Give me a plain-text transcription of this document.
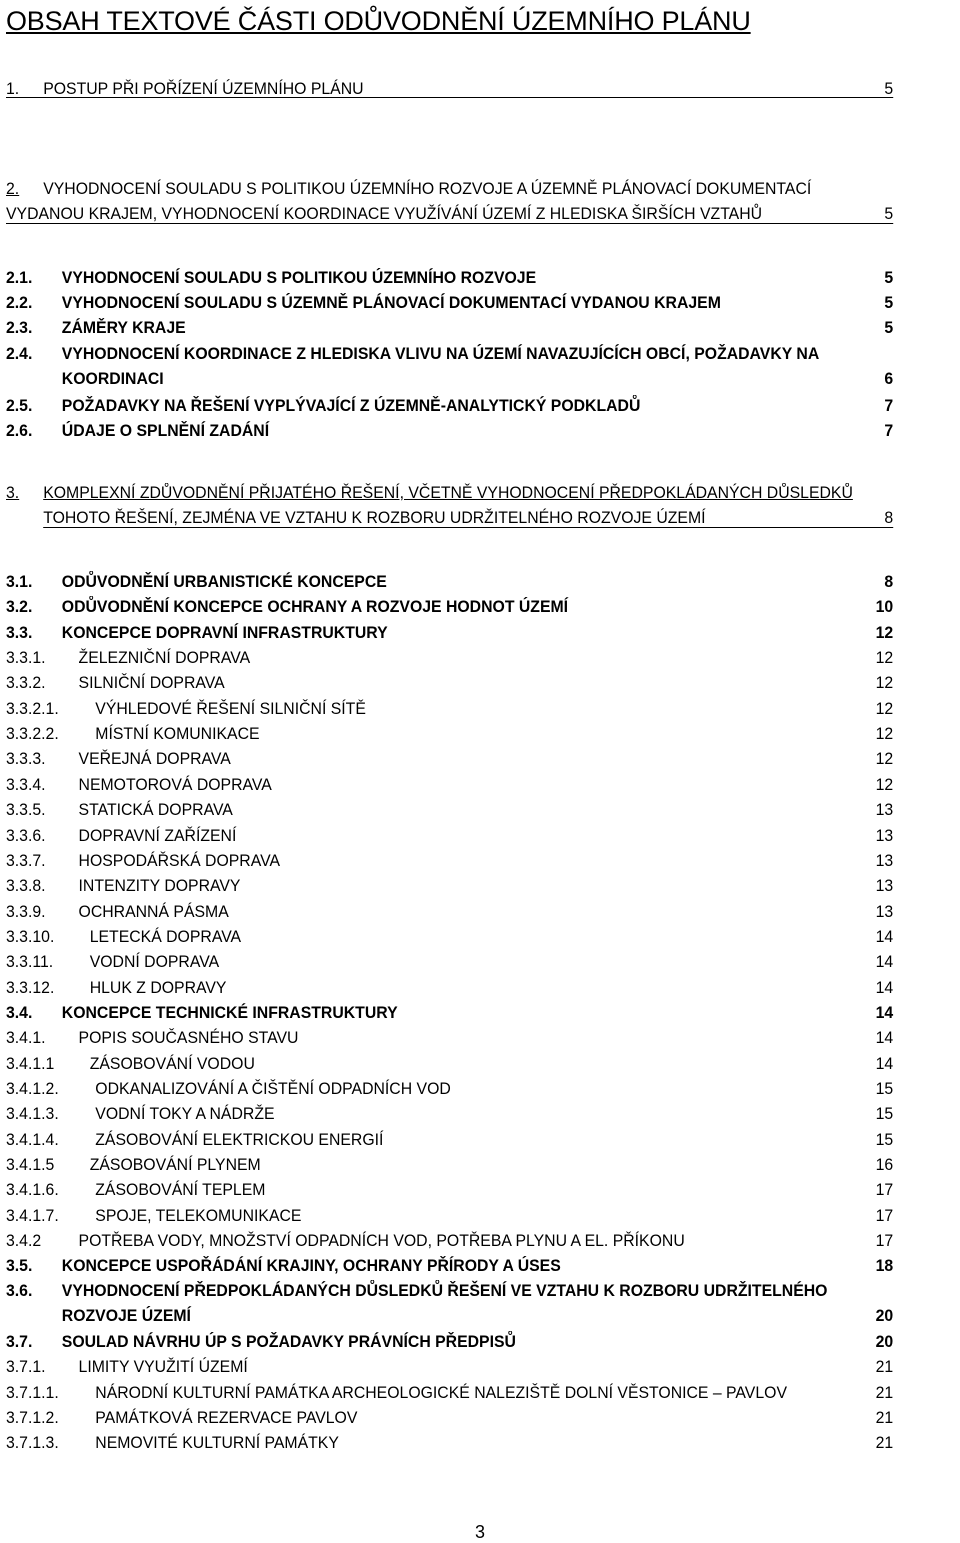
OBSAH TEXTOVÉ ČÁSTI ODŮVODNĚNÍ ÚZEMNÍHO PLÁNU
1. POSTUP PŘI POŘÍZENÍ ÚZEMNÍHO PLÁNU	5
2. VYHODNOCENÍ SOULADU S POLITIKOU ÚZEMNÍHO ROZVOJE A ÚZEMNĚ PLÁNOVACÍ DOKUMENTACÍ
VYDANOU KRAJEM, VYHODNOCENÍ KOORDINACE VYUŽÍVÁNÍ ÚZEMÍ Z HLEDISKA ŠIRŠÍCH VZTAHŮ	5
2.1. VYHODNOCENÍ SOULADU S POLITIKOU ÚZEMNÍHO ROZVOJE	5
2.2. VYHODNOCENÍ SOULADU S ÚZEMNĚ PLÁNOVACÍ DOKUMENTACÍ VYDANOU KRAJEM	5
2.3. ZÁMĚRY KRAJE	5
2.4. VYHODNOCENÍ KOORDINACE Z HLEDISKA VLIVU NA ÚZEMÍ NAVAZUJÍCÍCH OBCÍ, POŽADAVKY NA
KOORDINACI	6
2.5. POŽADAVKY NA ŘEŠENÍ VYPLÝVAJÍCÍ Z ÚZEMNĚ-ANALYTICKÝ PODKLADŮ	7
2.6. ÚDAJE O SPLNĚNÍ ZADÁNÍ	7
3. KOMPLEXNÍ ZDŮVODNĚNÍ PŘIJATÉHO ŘEŠENÍ, VČETNĚ VYHODNOCENÍ PŘEDPOKLÁDANÝCH DŮSLEDKŮ
TOHOTO ŘEŠENÍ, ZEJMÉNA VE VZTAHU K ROZBORU UDRŽITELNÉHO ROZVOJE ÚZEMÍ	8
3.1. ODŮVODNĚNÍ URBANISTICKÉ KONCEPCE	8
3.2. ODŮVODNĚNÍ KONCEPCE OCHRANY A ROZVOJE HODNOT ÚZEMÍ	10
3.3. KONCEPCE DOPRAVNÍ INFRASTRUKTURY	12
3.3.1. ŽELEZNIČNÍ DOPRAVA	12
3.3.2. SILNIČNÍ DOPRAVA	12
3.3.2.1. VÝHLEDOVÉ ŘEŠENÍ SILNIČNÍ SÍTĚ	12
3.3.2.2. MÍSTNÍ KOMUNIKACE	12
3.3.3. VEŘEJNÁ DOPRAVA	12
3.3.4. NEMOTOROVÁ DOPRAVA	12
3.3.5. STATICKÁ DOPRAVA	13
3.3.6. DOPRAVNÍ ZAŘÍZENÍ	13
3.3.7. HOSPODÁŘSKÁ DOPRAVA	13
3.3.8. INTENZITY DOPRAVY	13
3.3.9. OCHRANNÁ PÁSMA	13
3.3.10. LETECKÁ DOPRAVA	14
3.3.11. VODNÍ DOPRAVA	14
3.3.12. HLUK Z DOPRAVY	14
3.4. KONCEPCE TECHNICKÉ INFRASTRUKTURY	14
3.4.1. POPIS SOUČASNÉHO STAVU	14
3.4.1.1 ZÁSOBOVÁNÍ VODOU	14
3.4.1.2. ODKANALIZOVÁNÍ A ČIŠTĚNÍ ODPADNÍCH VOD	15
3.4.1.3. VODNÍ TOKY A NÁDRŽE	15
3.4.1.4. ZÁSOBOVÁNÍ ELEKTRICKOU ENERGIÍ	15
3.4.1.5 ZÁSOBOVÁNÍ PLYNEM	16
3.4.1.6. ZÁSOBOVÁNÍ TEPLEM	17
3.4.1.7. SPOJE, TELEKOMUNIKACE	17
3.4.2 POTŘEBA VODY, MNOŽSTVÍ ODPADNÍCH VOD, POTŘEBA PLYNU A EL. PŘÍKONU	17
3.5. KONCEPCE USPOŘÁDÁNÍ KRAJINY, OCHRANY PŘÍRODY A ÚSES	18
3.6. VYHODNOCENÍ PŘEDPOKLÁDANÝCH DŮSLEDKŮ ŘEŠENÍ VE VZTAHU K ROZBORU UDRŽITELNÉHO
ROZVOJE ÚZEMÍ	20
3.7. SOULAD NÁVRHU ÚP S POŽADAVKY PRÁVNÍCH PŘEDPISŮ	20
3.7.1. LIMITY VYUŽITÍ ÚZEMÍ	21
3.7.1.1. NÁRODNÍ KULTURNÍ PAMÁTKA ARCHEOLOGICKÉ NALEZIŠTĚ DOLNÍ VĚSTONICE – PAVLOV	21
3.7.1.2. PAMÁTKOVÁ REZERVACE PAVLOV	21
3.7.1.3. NEMOVITÉ KULTURNÍ PAMÁTKY	21
3
